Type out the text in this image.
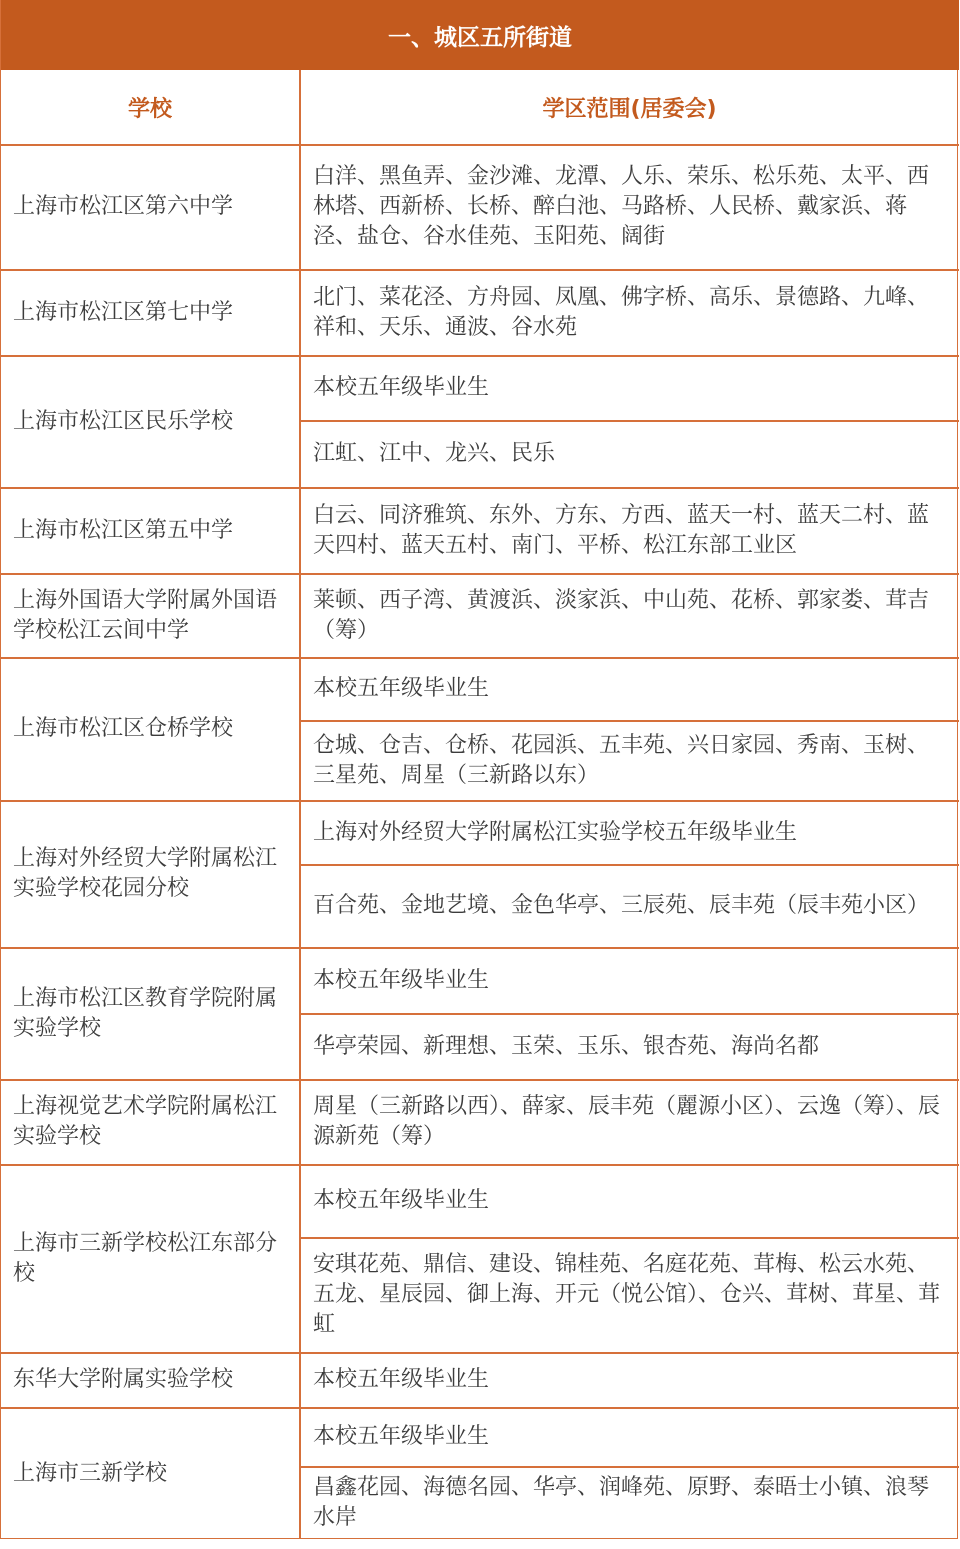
一、城区五所街道
学校	学区范围(居委会)
上海市松江区第六中学
白洋、黑鱼弄、金沙滩、龙潭、人乐、荣乐、松乐苑、太平、西林塔、西新桥、长桥、醉白池、马路桥、人民桥、戴家浜、蒋泾、盐仓、谷水佳苑、玉阳苑、阔街
上海市松江区第七中学
北门、菜花泾、方舟园、凤凰、佛字桥、高乐、景德路、九峰、祥和、天乐、通波、谷水苑
上海市松江区民乐学校
本校五年级毕业生
江虹、江中、龙兴、民乐
上海市松江区第五中学
白云、同济雅筑、东外、方东、方西、蓝天一村、蓝天二村、蓝天四村、蓝天五村、南门、平桥、松江东部工业区
上海外国语大学附属外国语学校松江云间中学
莱顿、西子湾、黄渡浜、淡家浜、中山苑、花桥、郭家娄、茸吉（筹）
上海市松江区仓桥学校
本校五年级毕业生
仓城、仓吉、仓桥、花园浜、五丰苑、兴日家园、秀南、玉树、三星苑、周星（三新路以东）
上海对外经贸大学附属松江实验学校花园分校
上海对外经贸大学附属松江实验学校五年级毕业生
百合苑、金地艺境、金色华亭、三辰苑、辰丰苑（辰丰苑小区）
上海市松江区教育学院附属实验学校
本校五年级毕业生
华亭荣园、新理想、玉荣、玉乐、银杏苑、海尚名都
上海视觉艺术学院附属松江实验学校
周星（三新路以西）、薛家、辰丰苑（麗源小区）、云逸（筹）、辰源新苑（筹）
上海市三新学校松江东部分校
本校五年级毕业生
安琪花苑、鼎信、建设、锦桂苑、名庭花苑、茸梅、松云水苑、五龙、星辰园、御上海、开元（悦公馆）、仓兴、茸树、茸星、茸虹
东华大学附属实验学校	本校五年级毕业生
上海市三新学校
本校五年级毕业生
昌鑫花园、海德名园、华亭、润峰苑、原野、泰晤士小镇、浪琴水岸
